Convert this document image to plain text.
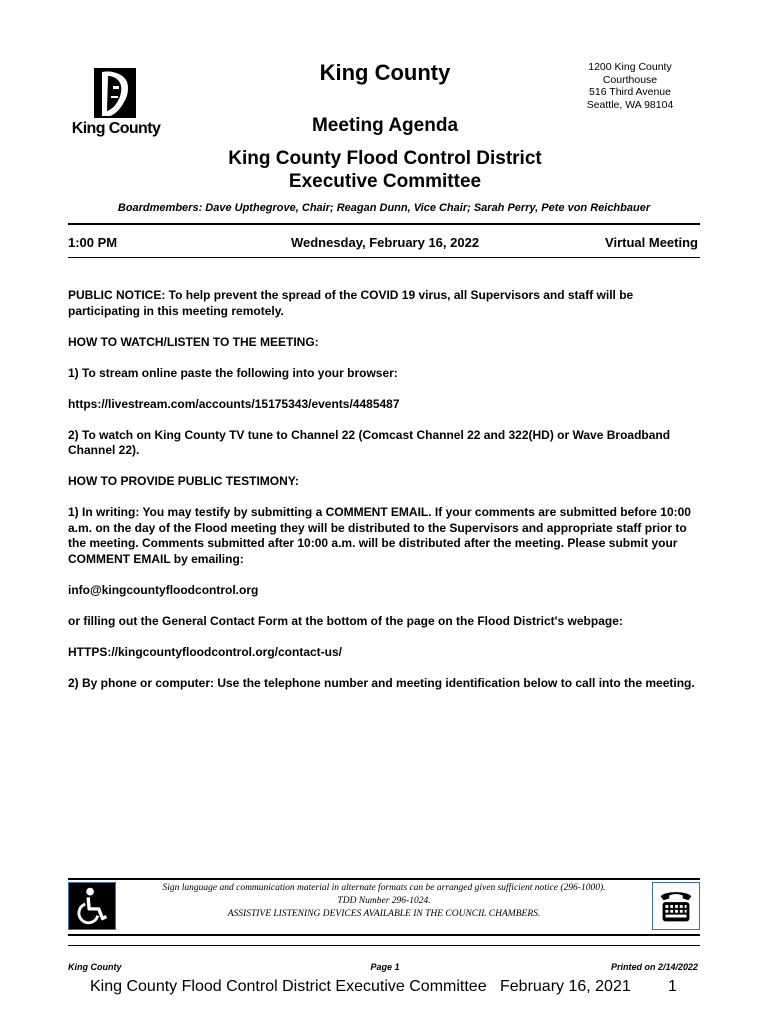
King County
King County	1200 King County
Courthouse
516 Third Avenue
Seattle, WA 98104
Meeting Agenda
King County Flood Control District
Executive Committee
Boardmembers: Dave Upthegrove, Chair; Reagan Dunn, Vice Chair; Sarah Perry, Pete von Reichbauer
1:00 PM	Wednesday, February 16, 2022	Virtual Meeting

PUBLIC NOTICE: To help prevent the spread of the COVID 19 virus, all Supervisors and staff will be participating in this meeting remotely.

HOW TO WATCH/LISTEN TO THE MEETING:

1) To stream online paste the following into your browser:

https://livestream.com/accounts/15175343/events/4485487

2) To watch on King County TV tune to Channel 22 (Comcast Channel 22 and 322(HD) or Wave Broadband Channel 22).

HOW TO PROVIDE PUBLIC TESTIMONY:

1) In writing: You may testify by submitting a COMMENT EMAIL. If your comments are submitted before 10:00 a.m. on the day of the Flood meeting they will be distributed to the Supervisors and appropriate staff prior to the meeting. Comments submitted after 10:00 a.m. will be distributed after the meeting. Please submit your COMMENT EMAIL by emailing:

info@kingcountyfloodcontrol.org

or filling out the General Contact Form at the bottom of the page on the Flood District's webpage:

HTTPS://kingcountyfloodcontrol.org/contact-us/

2) By phone or computer: Use the telephone number and meeting identification below to call into the meeting.

Sign language and communication material in alternate formats can be arranged given sufficient notice (296-1000).
TDD Number 296-1024.
ASSISTIVE LISTENING DEVICES AVAILABLE IN THE COUNCIL CHAMBERS.
King County	Page 1	Printed on 2/14/2022
King County Flood Control District Executive Committee February 16, 2021 1
